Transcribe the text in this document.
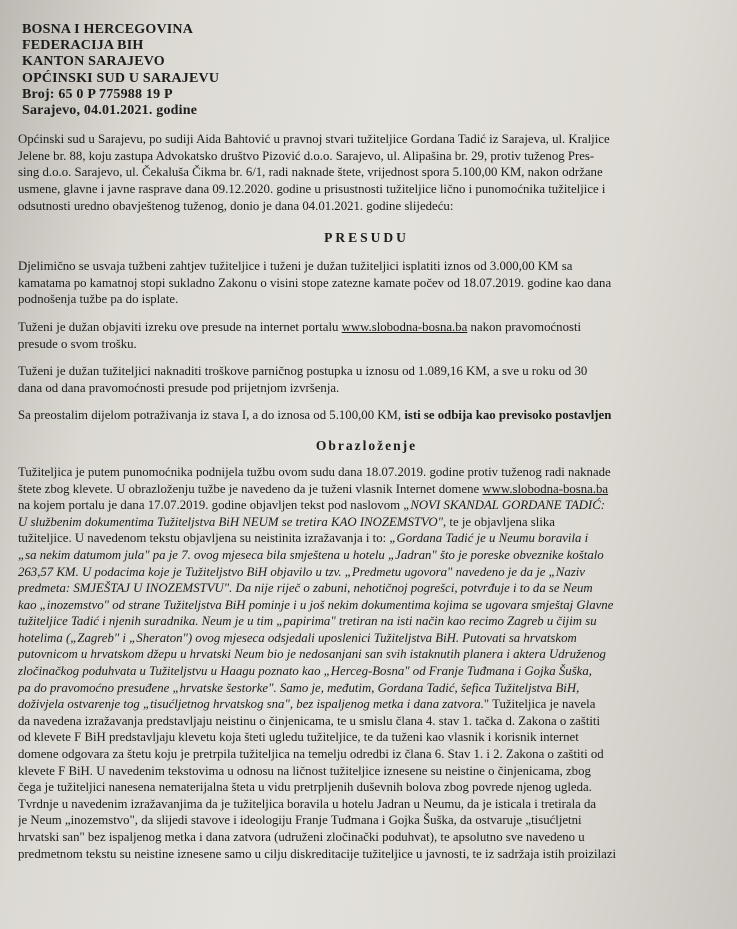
BOSNA I HERCEGOVINA
FEDERACIJA BIH
KANTON SARAJEVO
OPĆINSKI SUD U SARAJEVU
Broj: 65 0 P 775988 19 P
Sarajevo, 04.01.2021. godine

Općinski sud u Sarajevu, po sudiji Aida Bahtović u pravnoj stvari tužiteljice Gordana Tadić iz Sarajeva, ul. Kraljice
Jelene br. 88, koju zastupa Advokatsko društvo Pizović d.o.o. Sarajevo, ul. Alipašina br. 29, protiv tuženog Pres-
sing d.o.o. Sarajevo, ul. Čekaluša Čikma br. 6/1, radi naknade štete, vrijednost spora 5.100,00 KM, nakon održane
usmene, glavne i javne rasprave dana 09.12.2020. godine u prisustnosti tužiteljice lično i punomoćnika tužiteljice i
odsutnosti uredno obavještenog tuženog, donio je dana 04.01.2021. godine slijedeću:

PRESUDU

Djelimično se usvaja tužbeni zahtjev tužiteljice i tuženi je dužan tužiteljici isplatiti iznos od 3.000,00 KM sa
kamatama po kamatnoj stopi sukladno Zakonu o visini stope zatezne kamate počev od 18.07.2019. godine kao dana
podnošenja tužbe pa do isplate.

Tuženi je dužan objaviti izreku ove presude na internet portalu www.slobodna-bosna.ba nakon pravomoćnosti
presude o svom trošku.

Tuženi je dužan tužiteljici naknaditi troškove parničnog postupka u iznosu od 1.089,16 KM, a sve u roku od 30
dana od dana pravomoćnosti presude pod prijetnjom izvršenja.

Sa preostalim dijelom potraživanja iz stava I, a do iznosa od 5.100,00 KM, isti se odbija kao previsoko postavljen

Obrazloženje

Tužiteljica je putem punomoćnika podnijela tužbu ovom sudu dana 18.07.2019. godine protiv tuženog radi naknade
štete zbog klevete. U obrazloženju tužbe je navedeno da je tuženi vlasnik Internet domene www.slobodna-bosna.ba
na kojem portalu je dana 17.07.2019. godine objavljen tekst pod naslovom „NOVI SKANDAL GORDANE TADIĆ:
U službenim dokumentima Tužiteljstva BiH NEUM se tretira KAO INOZEMSTVO", te je objavljena slika
tužiteljice. U navedenom tekstu objavljena su neistinita izražavanja i to: „Gordana Tadić je u Neumu boravila i
„sa nekim datumom jula" pa je 7. ovog mjeseca bila smještena u hotelu „Jadran" što je poreske obveznike koštalo
263,57 KM. U podacima koje je Tužiteljstvo BiH objavilo u tzv. „Predmetu ugovora" navedeno je da je „Naziv
predmeta: SMJEŠTAJ U INOZEMSTVU". Da nije riječ o zabuni, nehotičnoj pogrešci, potvrđuje i to da se Neum
kao „inozemstvo" od strane Tužiteljstva BiH pominje i u još nekim dokumentima kojima se ugovara smještaj Glavne
tužiteljice Tadić i njenih suradnika. Neum je u tim „papirima" tretiran na isti način kao recimo Zagreb u čijim su
hotelima („Zagreb" i „Sheraton") ovog mjeseca odsjedali uposlenici Tužiteljstva BiH. Putovati sa hrvatskom
putovnicom u hrvatskom džepu u hrvatski Neum bio je nedosanjani san svih istaknutih planera i aktera Udruženog
zločinačkog poduhvata u Tužiteljstvu u Haagu poznato kao „Herceg-Bosna" od Franje Tuđmana i Gojka Šuška,
pa do pravomoćno presuđene „hrvatske šestorke". Samo je, međutim, Gordana Tadić, šefica Tužiteljstva BiH,
doživjela ostvarenje tog „tisućljetnog hrvatskog sna", bez ispaljenog metka i dana zatvora." Tužiteljica je navela
da navedena izražavanja predstavljaju neistinu o činjenicama, te u smislu člana 4. stav 1. tačka d. Zakona o zaštiti
od klevete F BiH predstavljaju klevetu koja šteti ugledu tužiteljice, te da tuženi kao vlasnik i korisnik internet
domene odgovara za štetu koju je pretrpila tužiteljica na temelju odredbi iz člana 6. Stav 1. i 2. Zakona o zaštiti od
klevete F BiH. U navedenim tekstovima u odnosu na ličnost tužiteljice iznesene su neistine o činjenicama, zbog
čega je tužiteljici nanesena nematerijalna šteta u vidu pretrpljenih duševnih bolova zbog povrede njenog ugleda.
Tvrdnje u navedenim izražavanjima da je tužiteljica boravila u hotelu Jadran u Neumu, da je isticala i tretirala da
je Neum „inozemstvo", da slijedi stavove i ideologiju Franje Tuđmana i Gojka Šuška, da ostvaruje „tisućljetni
hrvatski san" bez ispaljenog metka i dana zatvora (udruženi zločinački poduhvat), te apsolutno sve navedeno u
predmetnom tekstu su neistine iznesene samo u cilju diskreditacije tužiteljice u javnosti, te iz sadržaja istih proizilazi
